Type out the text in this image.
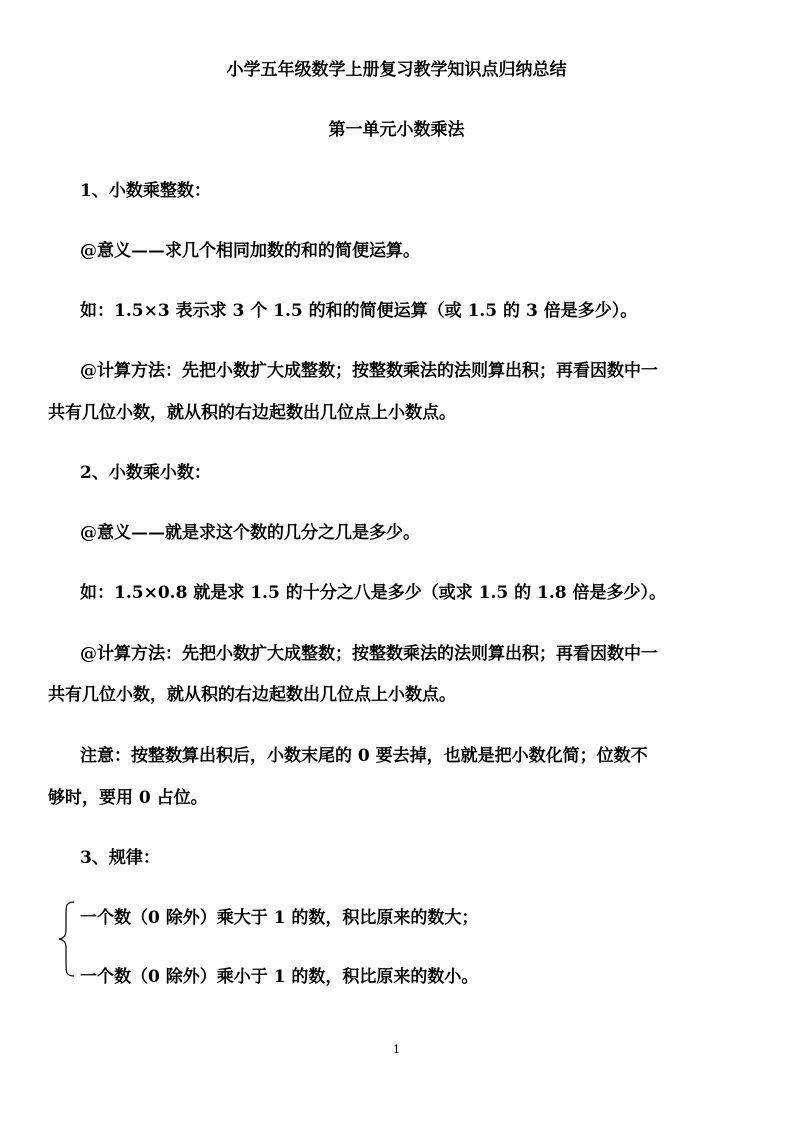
小学五年级数学上册复习教学知识点归纳总结
第一单元小数乘法
1、小数乘整数：
@意义——求几个相同加数的和的简便运算。
如：1.5×3 表示求 3 个 1.5 的和的简便运算（或 1.5 的 3 倍是多少）。
@计算方法：先把小数扩大成整数；按整数乘法的法则算出积；再看因数中一
共有几位小数，就从积的右边起数出几位点上小数点。
2、小数乘小数：
@意义——就是求这个数的几分之几是多少。
如：1.5×0.8 就是求 1.5 的十分之八是多少（或求 1.5 的 1.8 倍是多少）。
@计算方法：先把小数扩大成整数；按整数乘法的法则算出积；再看因数中一
共有几位小数，就从积的右边起数出几位点上小数点。
注意：按整数算出积后，小数末尾的 0 要去掉，也就是把小数化简；位数不
够时，要用 0 占位。
3、规律：
一个数（0 除外）乘大于 1 的数，积比原来的数大；
一个数（0 除外）乘小于 1 的数，积比原来的数小。
1
